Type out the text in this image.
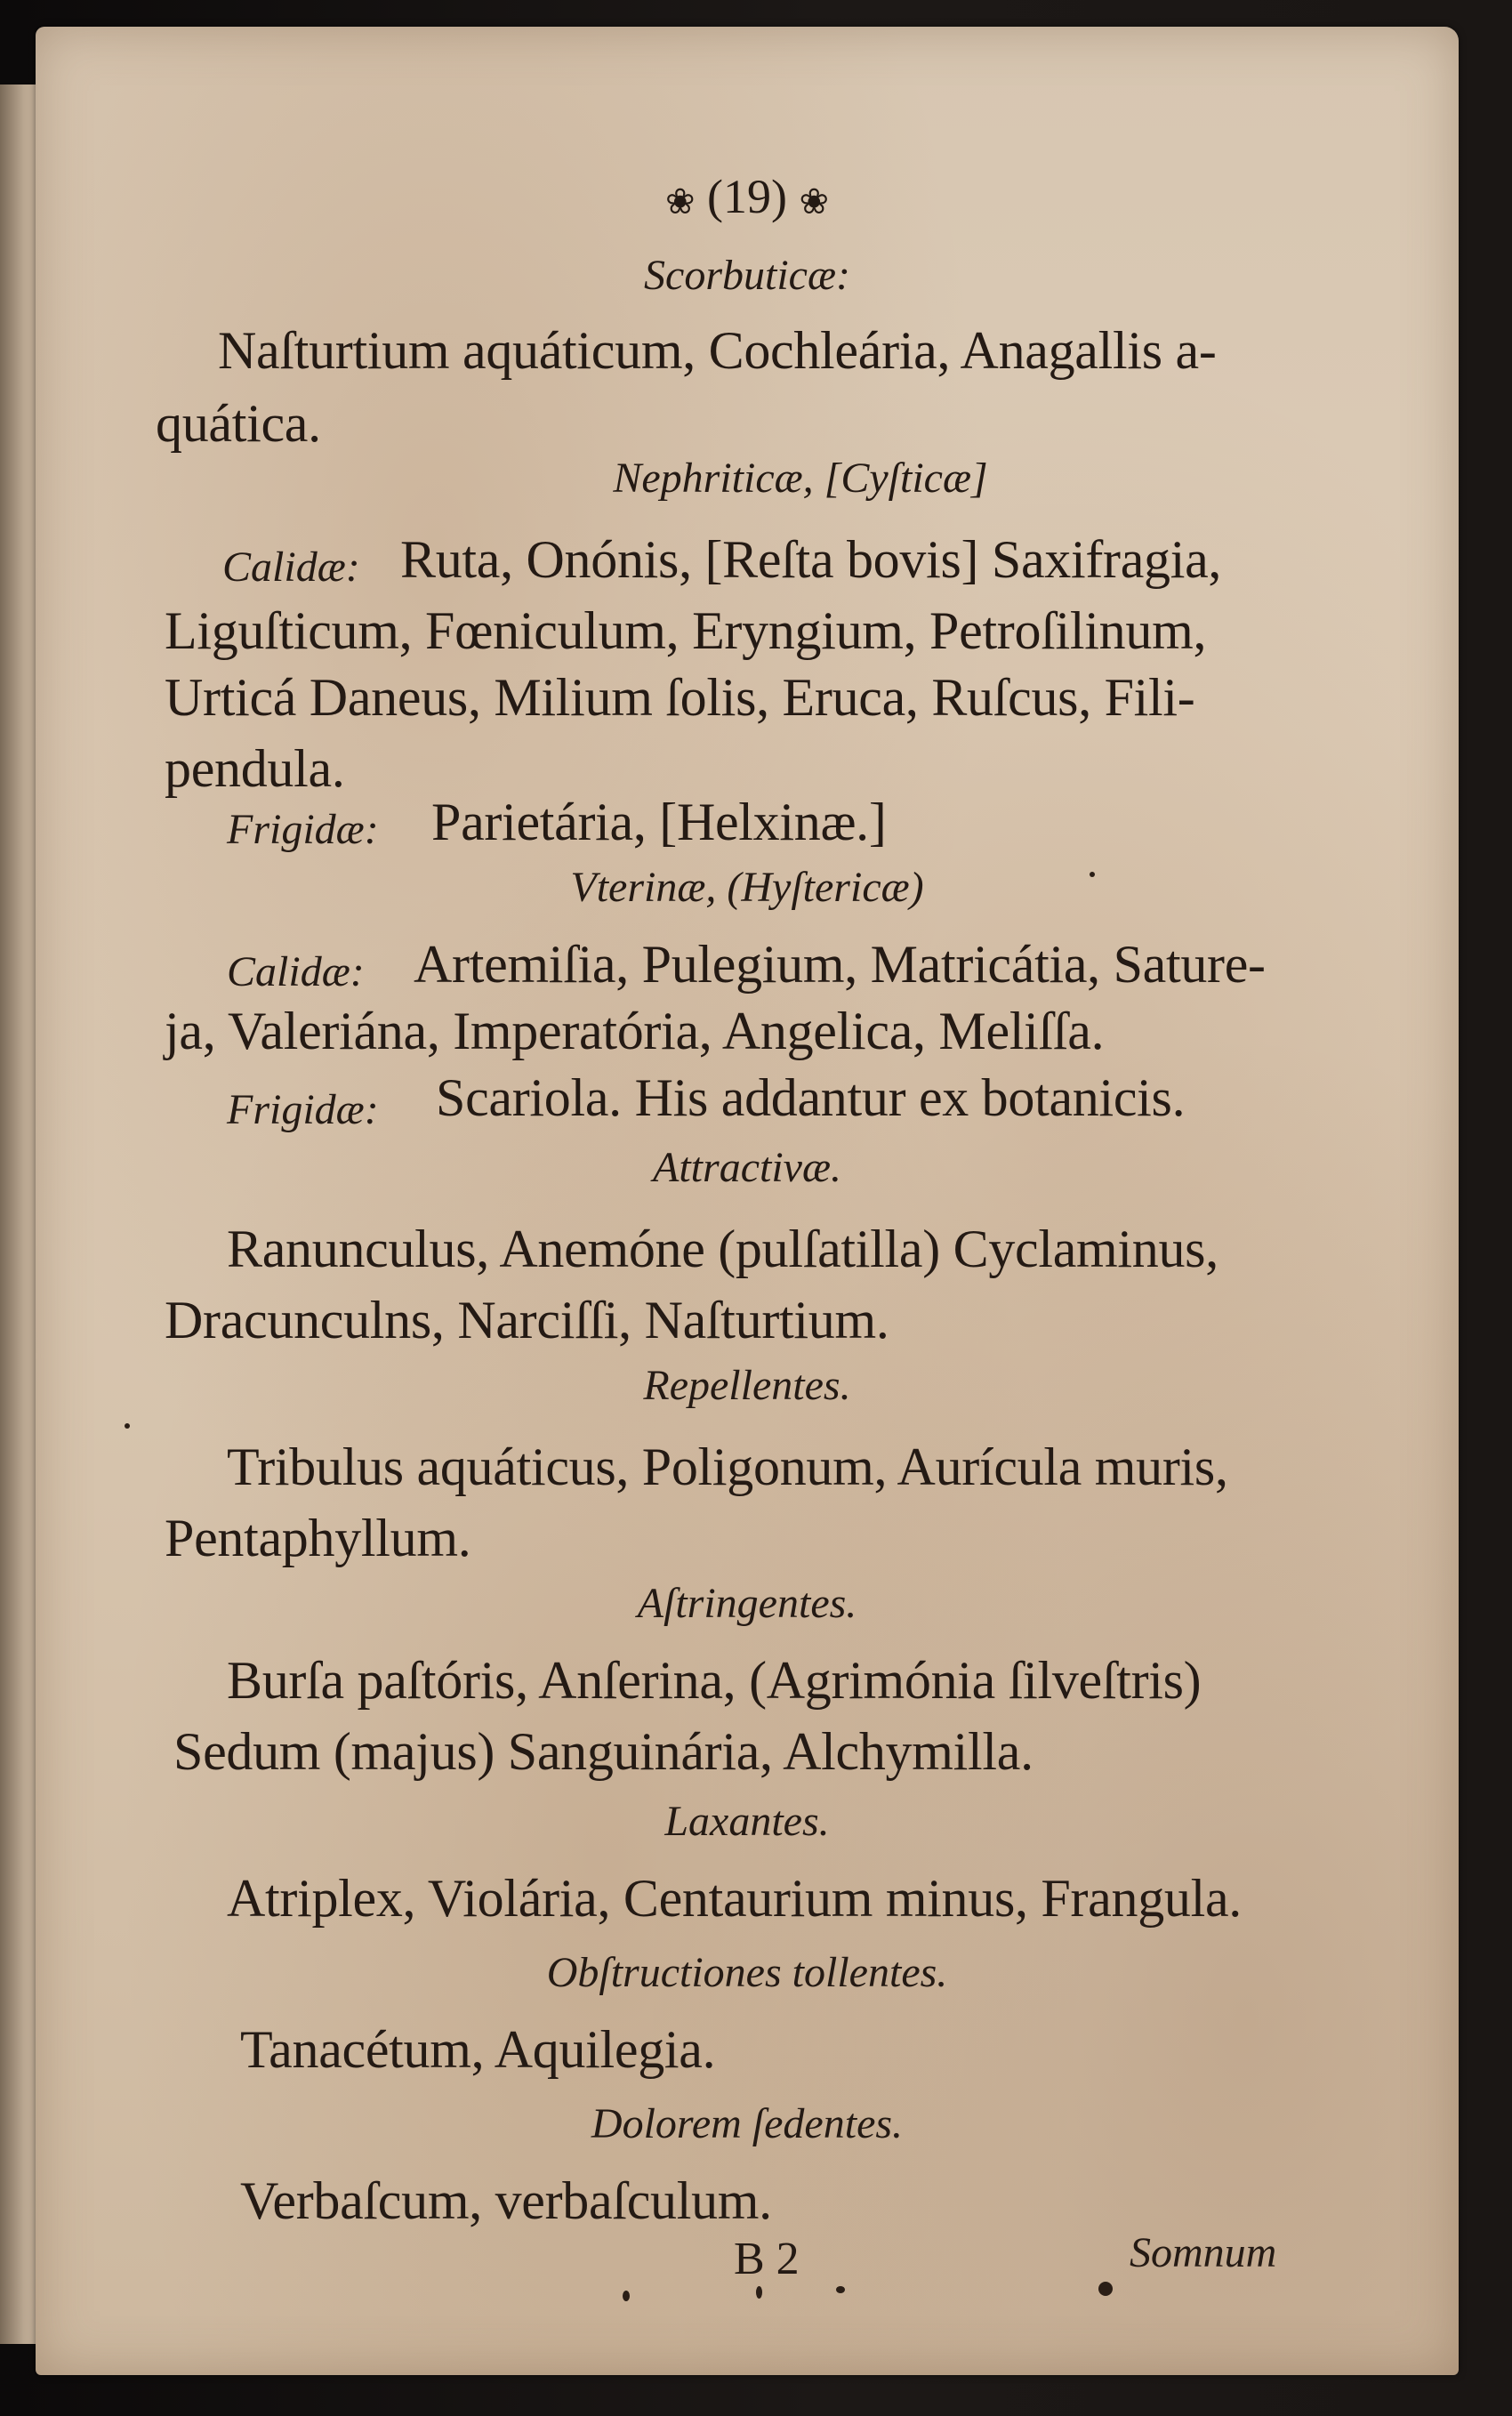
❀ (19) ❀
Scorbuticæ:
Naſturtium aquáticum, Cochleária, Anagallis a-
quática.
Nephriticæ, [Cyſticæ]
Calidæ: Ruta, Onónis, [Reſta bovis] Saxifragia,
Liguſticum, Fœniculum, Eryngium, Petroſilinum,
Urticá Daneus, Milium ſolis, Eruca, Ruſcus, Fili-
pendula.
Frigidæ: Parietária, [Helxinæ.]
Vterinæ, (Hyſtericæ)
Calidæ: Artemiſia, Pulegium, Matricátia, Sature-
ja, Valeriána, Imperatória, Angelica, Meliſſa.
Frigidæ: Scariola. His addantur ex botanicis.
Attractivæ.
Ranunculus, Anemóne (pulſatilla) Cyclaminus,
Dracunculns, Narciſſi, Naſturtium.
Repellentes.
Tribulus aquáticus, Poligonum, Aurícula muris,
Pentaphyllum.
Aſtringentes.
Burſa paſtóris, Anſerina, (Agrimónia ſilveſtris)
Sedum (majus) Sanguinária, Alchymilla.
Laxantes.
Atriplex, Violária, Centaurium minus, Frangula.
Obſtructiones tollentes.
Tanacétum, Aquilegia.
Dolorem ſedentes.
Verbaſcum, verbaſculum.
B 2	Somnum
